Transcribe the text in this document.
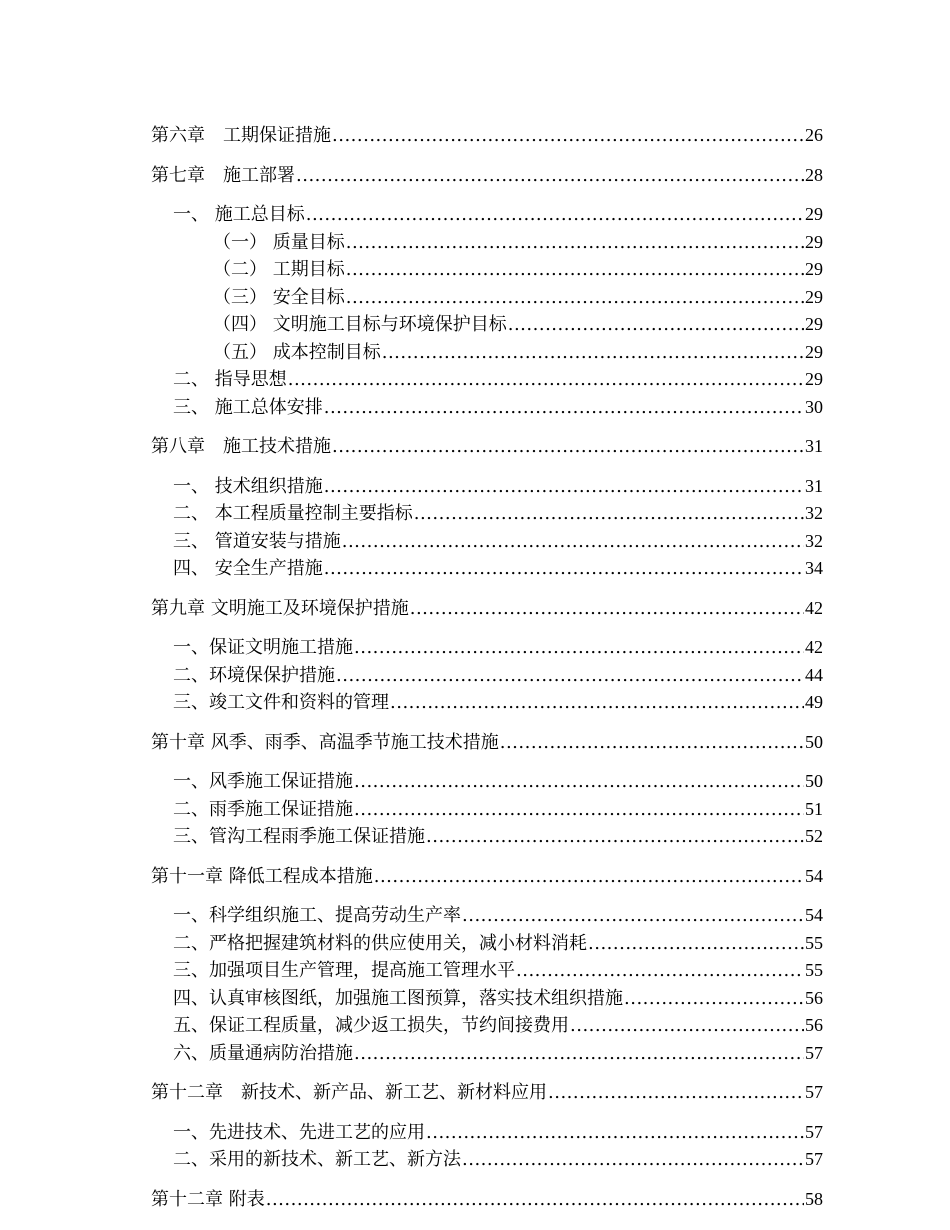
第六章　工期保证措施 .....	26
第七章　施工部署 .....	28
一、 施工总目标 .....	29
（一） 质量目标 .....	29
（二） 工期目标 .....	29
（三） 安全目标 .....	29
（四） 文明施工目标与环境保护目标 .....	29
（五） 成本控制目标 .....	29
二、 指导思想 .....	29
三、 施工总体安排 .....	30
第八章　施工技术措施 .....	31
一、 技术组织措施 .....	31
二、 本工程质量控制主要指标 .....	32
三、 管道安装与措施 .....	32
四、 安全生产措施 .....	34
第九章 文明施工及环境保护措施 .....	42
一、保证文明施工措施 .....	42
二、环境保保护措施 .....	44
三、竣工文件和资料的管理 .....	49
第十章 风季、雨季、高温季节施工技术措施 .....	50
一、风季施工保证措施 .....	50
二、雨季施工保证措施 .....	51
三、管沟工程雨季施工保证措施 .....	52
第十一章 降低工程成本措施 .....	54
一、科学组织施工、提高劳动生产率 .....	54
二、严格把握建筑材料的供应使用关，减小材料消耗 .....	55
三、加强项目生产管理，提高施工管理水平 .....	55
四、认真审核图纸，加强施工图预算，落实技术组织措施 .....	56
五、保证工程质量，减少返工损失，节约间接费用 .....	56
六、质量通病防治措施 .....	57
第十二章　新技术、新产品、新工艺、新材料应用 .....	57
一、先进技术、先进工艺的应用 .....	57
二、采用的新技术、新工艺、新方法 .....	57
第十二章 附表 .....	58
